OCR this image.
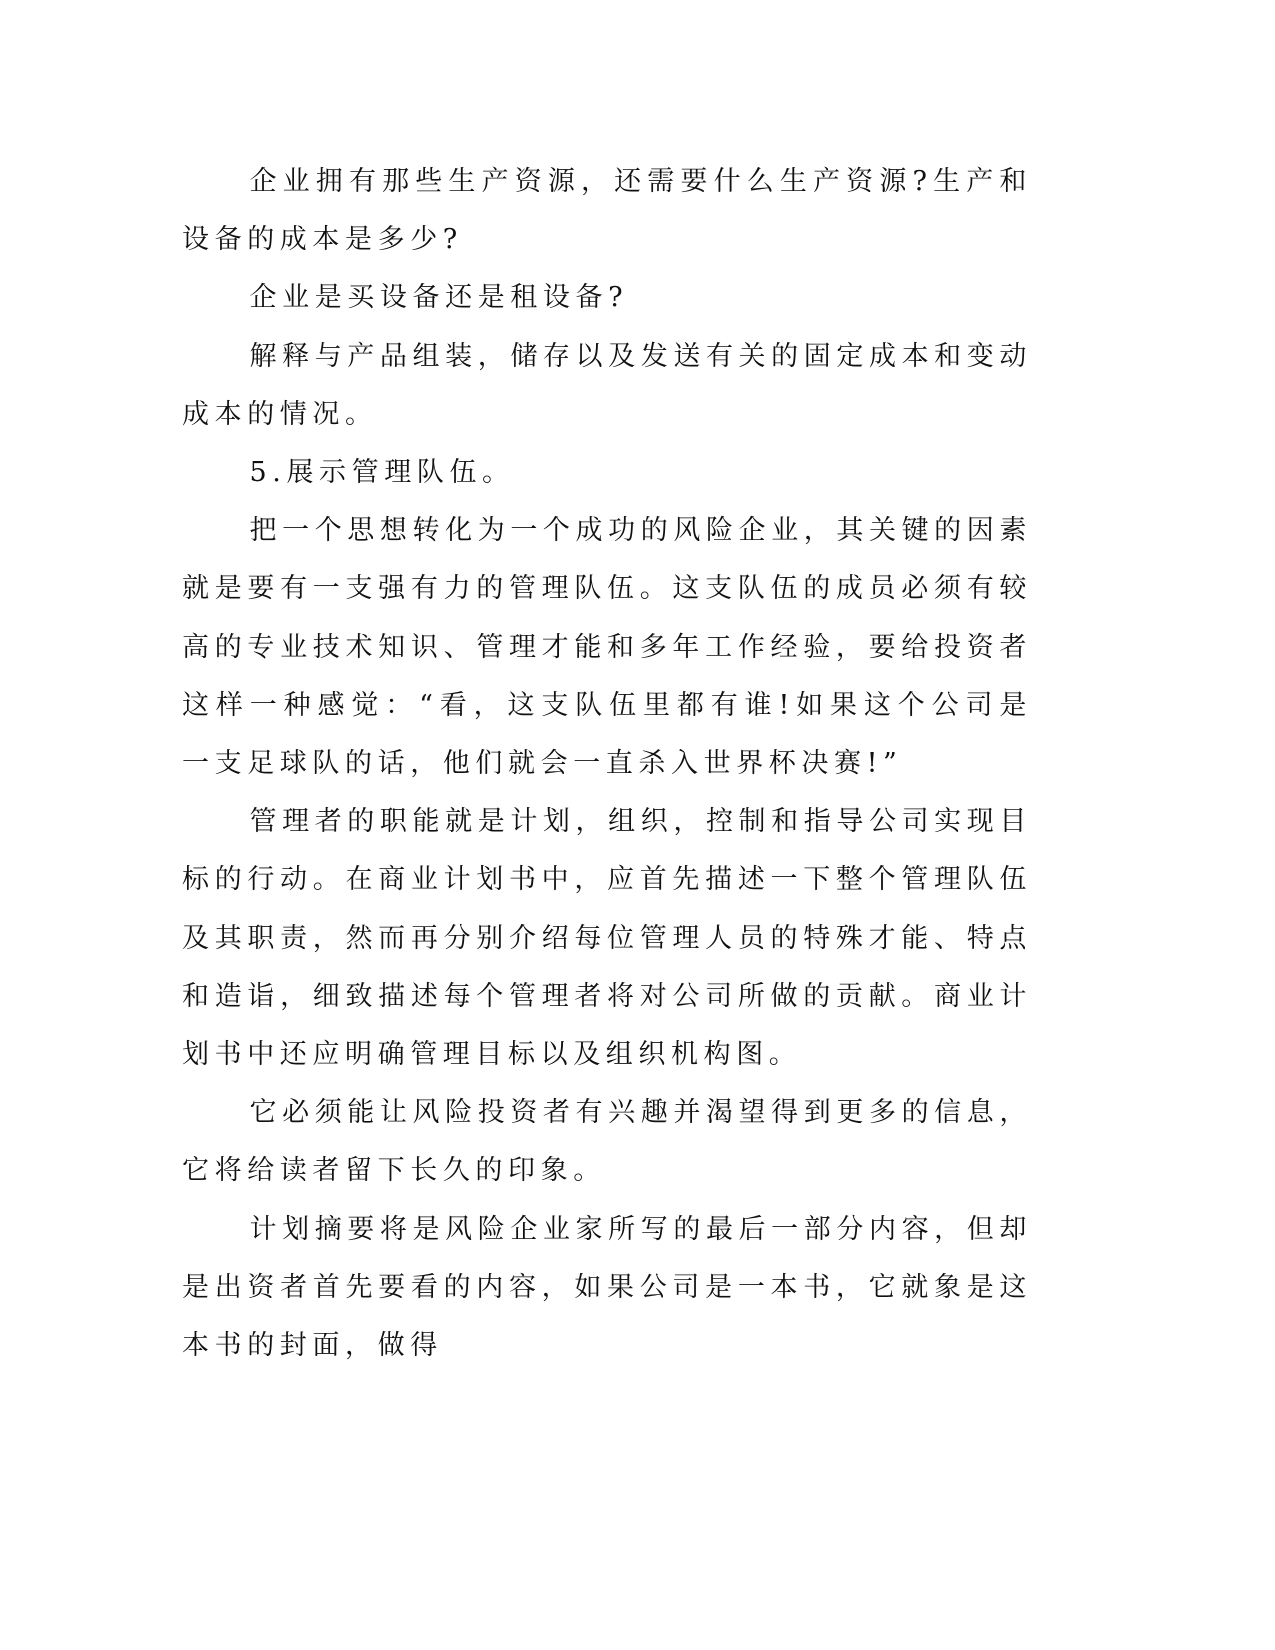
企业拥有那些生产资源，还需要什么生产资源?生产和设备的成本是多少?

企业是买设备还是租设备?

解释与产品组装，储存以及发送有关的固定成本和变动成本的情况。

5.展示管理队伍。

把一个思想转化为一个成功的风险企业，其关键的因素就是要有一支强有力的管理队伍。这支队伍的成员必须有较高的专业技术知识、管理才能和多年工作经验，要给投资者这样一种感觉：“看，这支队伍里都有谁!如果这个公司是一支足球队的话，他们就会一直杀入世界杯决赛!”

管理者的职能就是计划，组织，控制和指导公司实现目标的行动。在商业计划书中，应首先描述一下整个管理队伍及其职责，然而再分别介绍每位管理人员的特殊才能、特点和造诣，细致描述每个管理者将对公司所做的贡献。商业计划书中还应明确管理目标以及组织机构图。

它必须能让风险投资者有兴趣并渴望得到更多的信息，它将给读者留下长久的印象。

计划摘要将是风险企业家所写的最后一部分内容，但却是出资者首先要看的内容，如果公司是一本书，它就象是这本书的封面，做得
